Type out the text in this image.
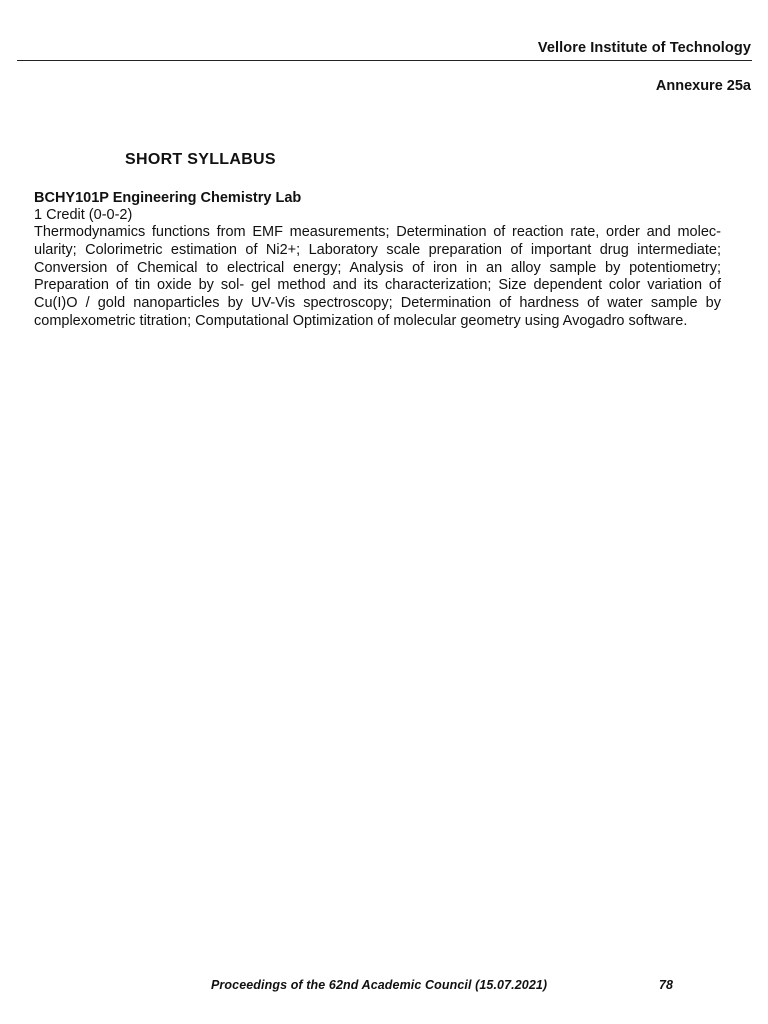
Vellore Institute of Technology
Annexure 25a
SHORT SYLLABUS
BCHY101P Engineering Chemistry Lab
1 Credit (0-0-2)
Thermodynamics functions from EMF measurements; Determination of reaction rate, order and molecularity; Colorimetric estimation of Ni2+; Laboratory scale preparation of important drug intermediate; Conversion of Chemical to electrical energy; Analysis of iron in an alloy sample by potentiometry; Preparation of tin oxide by sol- gel method and its characterization; Size dependent color variation of Cu(I)O / gold nanoparticles by UV-Vis spectroscopy; Determination of hardness of water sample by complexometric titration; Computational Optimization of molecular geometry using Avogadro software.
Proceedings of the 62nd Academic Council (15.07.2021)	78
